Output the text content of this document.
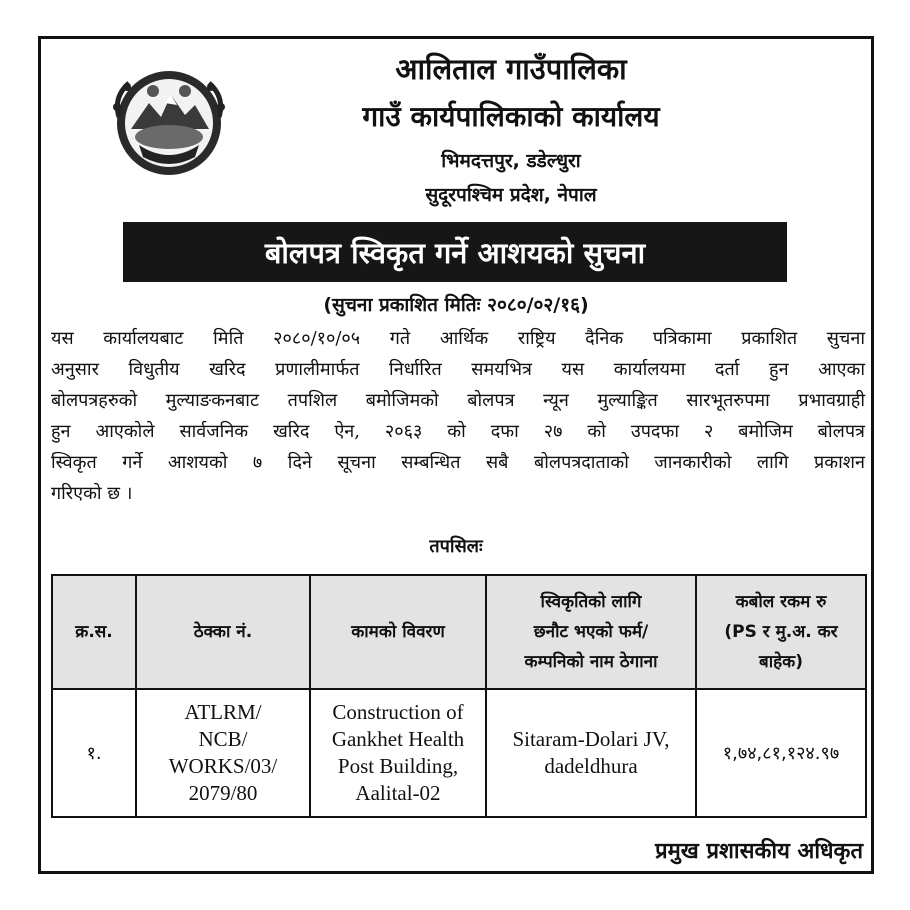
आलिताल गाउँपालिका
गाउँ कार्यपालिकाको कार्यालय
भिमदत्तपुर, डडेल्धुरा
सुदूरपश्चिम प्रदेश, नेपाल
बोलपत्र स्विकृत गर्ने आशयको सुचना
(सुचना प्रकाशित मितिः २०८०/०२/१६)
यस कार्यालयबाट मिति २०८०/१०/०५ गते आर्थिक राष्ट्रिय दैनिक पत्रिकामा प्रकाशित सुचना
अनुसार विधुतीय खरिद प्रणालीमार्फत निर्धारित समयभित्र यस कार्यालयमा दर्ता हुन आएका
बोलपत्रहरुको मुल्याङकनबाट तपशिल बमोजिमको बोलपत्र न्यून मुल्याङ्कित सारभूतरुपमा प्रभावग्राही
हुन आएकोले सार्वजनिक खरिद ऐन, २०६३ को दफा २७ को उपदफा २ बमोजिम बोलपत्र
स्विकृत गर्ने आशयको ७ दिने सूचना सम्बन्धित सबै बोलपत्रदाताको जानकारीको लागि प्रकाशन
गरिएको छ ।
तपसिलः
क्र.स.	ठेक्का नं.	कामको विवरण	स्विकृतिको लागि
छनौट भएको फर्म/
कम्पनिको नाम ठेगाना	कबोल रकम रु
(PS र मु.अ. कर
बाहेक)

१.	ATLRM/
NCB/
WORKS/03/
2079/80	Construction of
Gankhet Health
Post Building,
Aalital-02	Sitaram-Dolari JV,
dadeldhura	१,७४,८१,१२४.९७
प्रमुख प्रशासकीय अधिकृत
